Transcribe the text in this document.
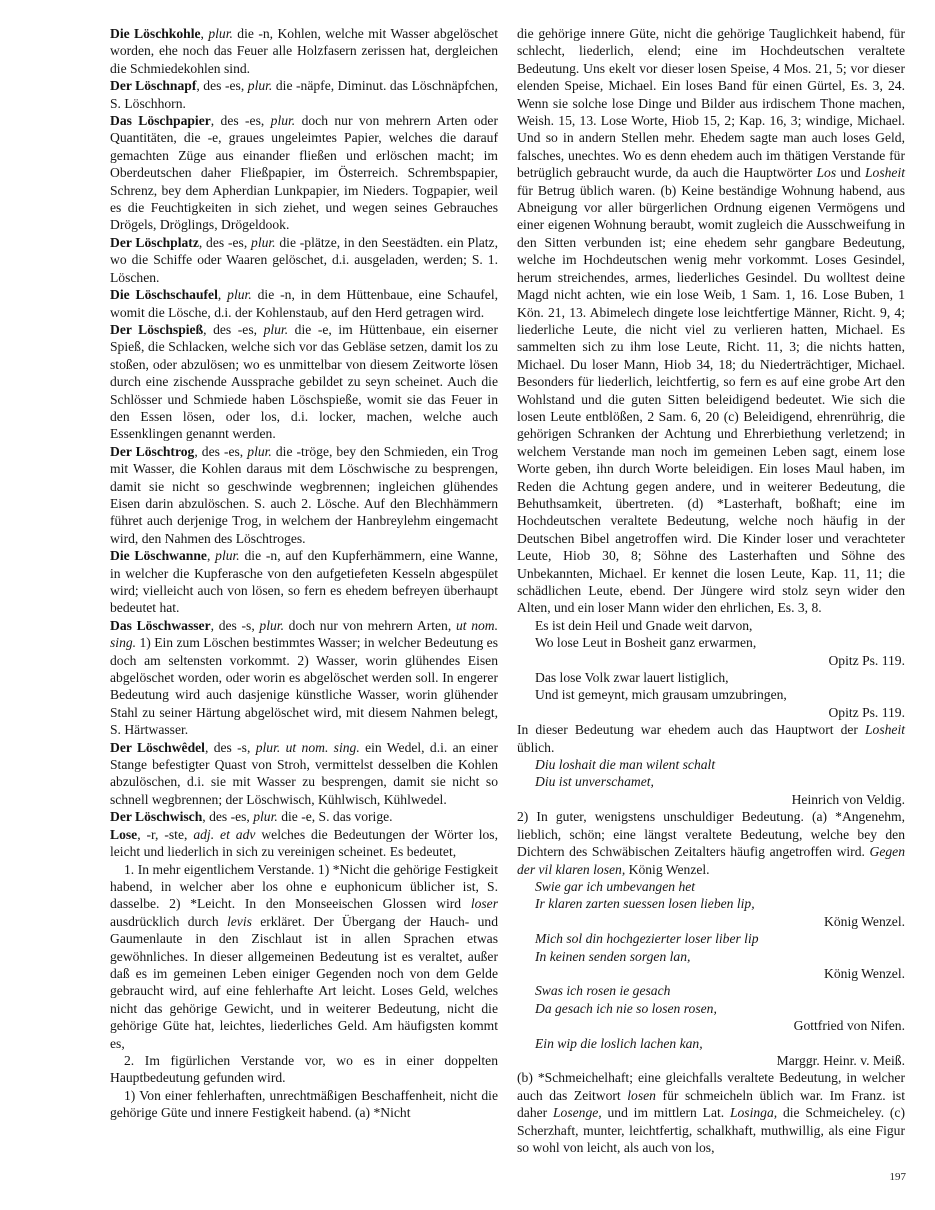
Die Löschkohle, plur. die -n, Kohlen, welche mit Wasser abgelöschet worden, ehe noch das Feuer alle Holzfasern zerissen hat, dergleichen die Schmiedekohlen sind.
Der Löschnapf, des -es, plur. die -näpfe, Diminut. das Löschnäpfchen, S. Löschhorn.
Das Löschpapier, des -es, plur. doch nur von mehrern Arten oder Quantitäten, die -e, graues ungeleimtes Papier, welches die darauf gemachten Züge aus einander fließen und erlöschen macht; im Oberdeutschen daher Fließpapier, im Österreich. Schrembspapier, Schrenz, bey dem Apherdian Lunkpapier, im Nieders. Togpapier, weil es die Feuchtigkeiten in sich ziehet, und wegen seines Gebrauches Drögels, Dröglings, Drögeldook.
Der Löschplatz, des -es, plur. die -plätze, in den Seestädten. ein Platz, wo die Schiffe oder Waaren gelöschet, d.i. ausgeladen, werden; S. 1. Löschen.
Die Löschschaufel, plur. die -n, in dem Hüttenbaue, eine Schaufel, womit die Lösche, d.i. der Kohlenstaub, auf den Herd getragen wird.
Der Löschspieß, des -es, plur. die -e, im Hüttenbaue, ein eiserner Spieß, die Schlacken, welche sich vor das Gebläse setzen, damit los zu stoßen, oder abzulösen; wo es unmittelbar von diesem Zeitworte lösen durch eine zischende Aussprache gebildet zu seyn scheinet. Auch die Schlösser und Schmiede haben Löschspieße, womit sie das Feuer in den Essen lösen, oder los, d.i. locker, machen, welche auch Essenklingen genannt werden.
Der Löschtrog, des -es, plur. die -tröge, bey den Schmieden, ein Trog mit Wasser, die Kohlen daraus mit dem Löschwische zu besprengen, damit sie nicht so geschwinde wegbrennen; ingleichen glühendes Eisen darin abzulöschen. S. auch 2. Lösche. Auf den Blechhämmern führet auch derjenige Trog, in welchem der Hanbreylehm eingemacht wird, den Nahmen des Löschtroges.
Die Löschwanne, plur. die -n, auf den Kupferhämmern, eine Wanne, in welcher die Kupferasche von den aufgetiefeten Kesseln abgespület wird; vielleicht auch von lösen, so fern es ehedem befreyen überhaupt bedeutet hat.
Das Löschwasser, des -s, plur. doch nur von mehrern Arten, ut nom. sing. 1) Ein zum Löschen bestimmtes Wasser; in welcher Bedeutung es doch am seltensten vorkommt. 2) Wasser, worin glühendes Eisen abgelöschet worden, oder worin es abgelöschet werden soll. In engerer Bedeutung wird auch dasjenige künstliche Wasser, worin glühender Stahl zu seiner Härtung abgelöschet wird, mit diesem Nahmen belegt, S. Härtwasser.
Der Löschwêdel, des -s, plur. ut nom. sing. ein Wedel, d.i. an einer Stange befestigter Quast von Stroh, vermittelst desselben die Kohlen abzulöschen, d.i. sie mit Wasser zu besprengen, damit sie nicht so schnell wegbrennen; der Löschwisch, Kühlwisch, Kühlwedel.
Der Löschwisch, des -es, plur. die -e, S. das vorige.
Lose, -r, -ste, adj. et adv welches die Bedeutungen der Wörter los, leicht und liederlich in sich zu vereinigen scheinet. Es bedeutet,
1. In mehr eigentlichem Verstande. 1) *Nicht die gehörige Festigkeit habend, in welcher aber los ohne e euphonicum üblicher ist, S. dasselbe. 2) *Leicht. In den Monseeischen Glossen wird loser ausdrücklich durch levis erkläret. Der Übergang der Hauch- und Gaumenlaute in den Zischlaut ist in allen Sprachen etwas gewöhnliches. In dieser allgemeinen Bedeutung ist es veraltet, außer daß es im gemeinen Leben einiger Gegenden noch von dem Gelde gebraucht wird, auf eine fehlerhafte Art leicht. Loses Geld, welches nicht das gehörige Gewicht, und in weiterer Bedeutung, nicht die gehörige Güte hat, leichtes, liederliches Geld. Am häufigsten kommt es,
2. Im figürlichen Verstande vor, wo es in einer doppelten Hauptbedeutung gefunden wird.
1) Von einer fehlerhaften, unrechtmäßigen Beschaffenheit, nicht die gehörige Güte und innere Festigkeit habend. (a) *Nicht
die gehörige innere Güte, nicht die gehörige Tauglichkeit habend, für schlecht, liederlich, elend; eine im Hochdeutschen veraltete Bedeutung. Uns ekelt vor dieser losen Speise, 4 Mos. 21, 5; vor dieser elenden Speise, Michael. Ein loses Band für einen Gürtel, Es. 3, 24. Wenn sie solche lose Dinge und Bilder aus irdischem Thone machen, Weish. 15, 13. Lose Worte, Hiob 15, 2; Kap. 16, 3; windige, Michael. Und so in andern Stellen mehr. Ehedem sagte man auch loses Geld, falsches, unechtes. Wo es denn ehedem auch im thätigen Verstande für betrüglich gebraucht wurde, da auch die Hauptwörter Los und Losheit für Betrug üblich waren. (b) Keine beständige Wohnung habend, aus Abneigung vor aller bürgerlichen Ordnung eigenen Vermögens und einer eigenen Wohnung beraubt, womit zugleich die Ausschweifung in den Sitten verbunden ist; eine ehedem sehr gangbare Bedeutung, welche im Hochdeutschen wenig mehr vorkommt. Loses Gesindel, herum streichendes, armes, liederliches Gesindel. Du wolltest deine Magd nicht achten, wie ein lose Weib, 1 Sam. 1, 16. Lose Buben, 1 Kön. 21, 13. Abimelech dingete lose leichtfertige Männer, Richt. 9, 4; liederliche Leute, die nicht viel zu verlieren hatten, Michael. Es sammelten sich zu ihm lose Leute, Richt. 11, 3; die nichts hatten, Michael. Du loser Mann, Hiob 34, 18; du Niederträchtiger, Michael. Besonders für liederlich, leichtfertig, so fern es auf eine grobe Art den Wohlstand und die guten Sitten beleidigend bedeutet. Wie sich die losen Leute entblößen, 2 Sam. 6, 20 (c) Beleidigend, ehrenrührig, die gehörigen Schranken der Achtung und Ehrerbiethung verletzend; in welchem Verstande man noch im gemeinen Leben sagt, einem lose Worte geben, ihn durch Worte beleidigen. Ein loses Maul haben, im Reden die Achtung gegen andere, und in weiterer Bedeutung, die Behuthsamkeit, übertreten. (d) *Lasterhaft, boßhaft; eine im Hochdeutschen veraltete Bedeutung, welche noch häufig in der Deutschen Bibel angetroffen wird. Die Kinder loser und verachteter Leute, Hiob 30, 8; Söhne des Lasterhaften und Söhne des Unbekannten, Michael. Er kennet die losen Leute, Kap. 11, 11; die schädlichen Leute, ebend. Der Jüngere wird stolz seyn wider den Alten, und ein loser Mann wider den ehrlichen, Es. 3, 8.
Es ist dein Heil und Gnade weit darvon,
Wo lose Leut in Bosheit ganz erwarmen,
Opitz Ps. 119.
Das lose Volk zwar lauert listiglich,
Und ist gemeynt, mich grausam umzubringen,
Opitz Ps. 119.
In dieser Bedeutung war ehedem auch das Hauptwort der Losheit üblich.
Diu loshait die man wilent schalt
Diu ist unverschamet,
Heinrich von Veldig.
2) In guter, wenigstens unschuldiger Bedeutung. (a) *Angenehm, lieblich, schön; eine längst veraltete Bedeutung, welche bey den Dichtern des Schwäbischen Zeitalters häufig angetroffen wird. Gegen der vil klaren losen, König Wenzel.
Swie gar ich umbevangen het
Ir klaren zarten suessen losen lieben lip,
König Wenzel.
Mich sol din hochgezierter loser liber lip
In keinen senden sorgen lan,
König Wenzel.
Swas ich rosen ie gesach
Da gesach ich nie so losen rosen,
Gottfried von Nifen.
Ein wip die loslich lachen kan,
Marggr. Heinr. v. Meiß.
(b) *Schmeichelhaft; eine gleichfalls veraltete Bedeutung, in welcher auch das Zeitwort losen für schmeicheln üblich war. Im Franz. ist daher Losenge, und im mittlern Lat. Losinga, die Schmeicheley. (c) Scherzhaft, munter, leichtfertig, schalkhaft, muthwillig, als eine Figur so wohl von leicht, als auch von los,
197
